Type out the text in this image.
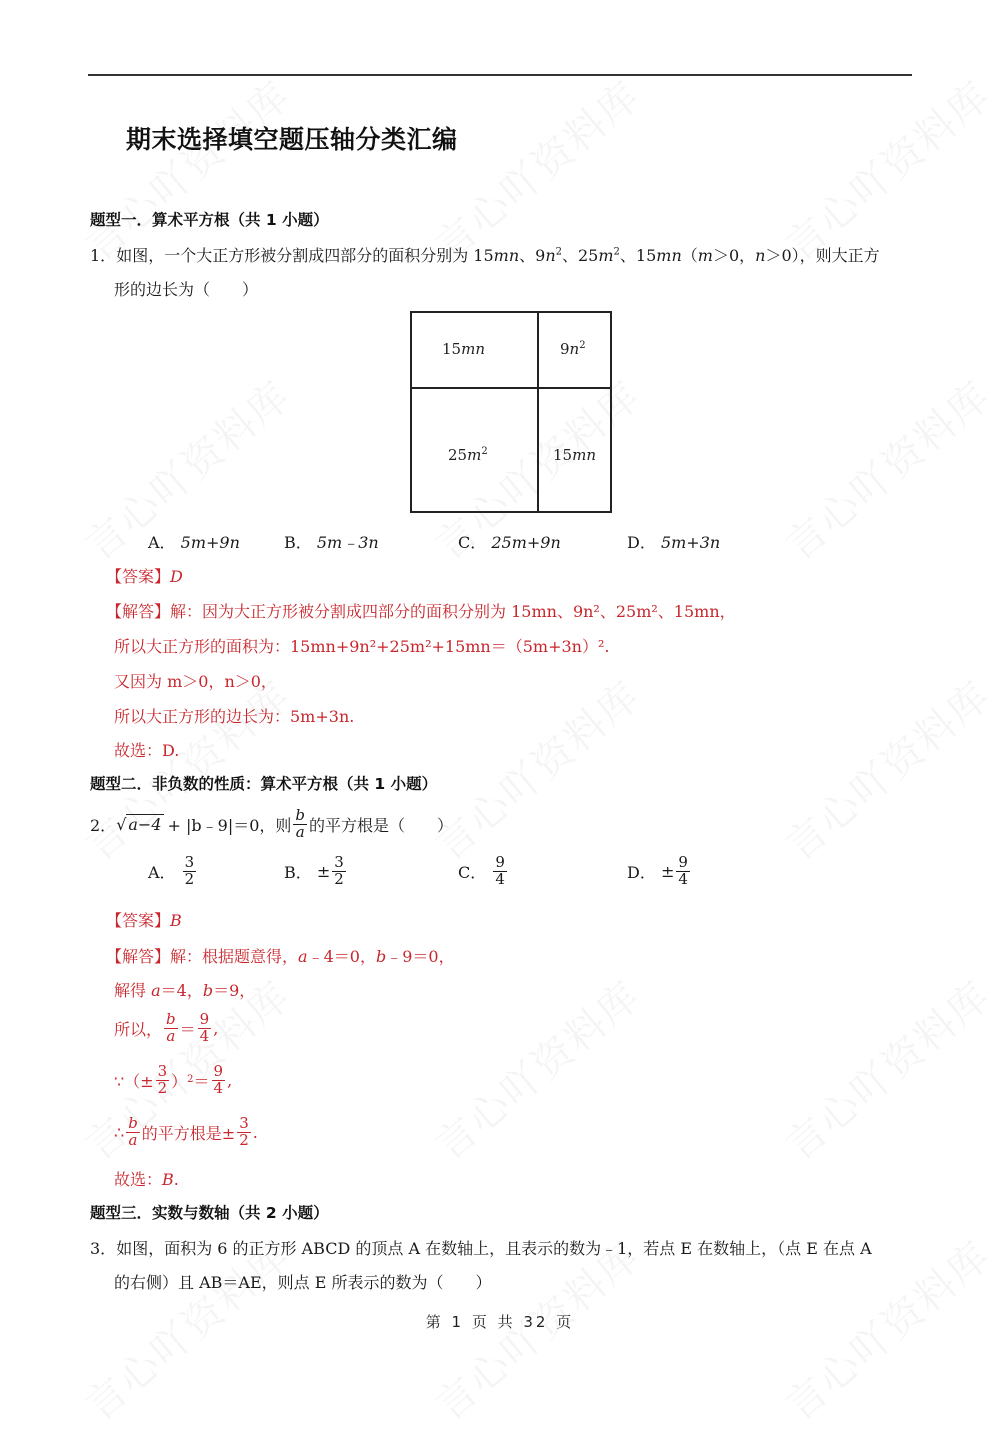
期末选择填空题压轴分类汇编
题型一．算术平方根（共 1 小题）
1．如图，一个大正方形被分割成四部分的面积分别为 15mn、$9n^2$、$25m^2$、15mn（m＞0，n＞0），则大正方
形的边长为（　　）
15mn	$9n^2$
$25m^2$	15mn
A． 5m+9n	B． 5m﹣3n	C． 25m+9n	D． 5m+3n
【答案】D
【解答】解：因为大正方形被分割成四部分的面积分别为 15mn、9n²、25m²、15mn，
所以大正方形的面积为：15mn+9n²+25m²+15mn＝（5m+3n）².
又因为 m＞0，n＞0，
所以大正方形的边长为：5m+3n.
故选：D.
题型二．非负数的性质：算术平方根（共 1 小题）
2． √ a−4 + |b﹣9|＝0，则 $\frac{b}{a}$ 的平方根是（　　）
A．
$\frac{3}{2}$	B．
± $\frac{3}{2}$	C．
$\frac{9}{4}$	D．
± $\frac{9}{4}$
【答案】B
【解答】解：根据题意得，a﹣4＝0，b﹣9＝0，
解得 a＝4，b＝9，
所以， $\frac{b}{a} = \frac{9}{4}$ ,
∵（± $\frac{3}{2}$ ） $2 = \frac{9}{4}$ ,
∴ $\frac{b}{a}$ 的平方根是± $\frac{3}{2}$ .
故选：B.
题型三．实数与数轴（共 2 小题）
3．如图，面积为 6 的正方形 ABCD 的顶点 A 在数轴上，且表示的数为﹣1，若点 E 在数轴上，（点 E 在点 A
的右侧）且 AB＝AE，则点 E 所表示的数为（　　）
第 1 页 共 32 页
